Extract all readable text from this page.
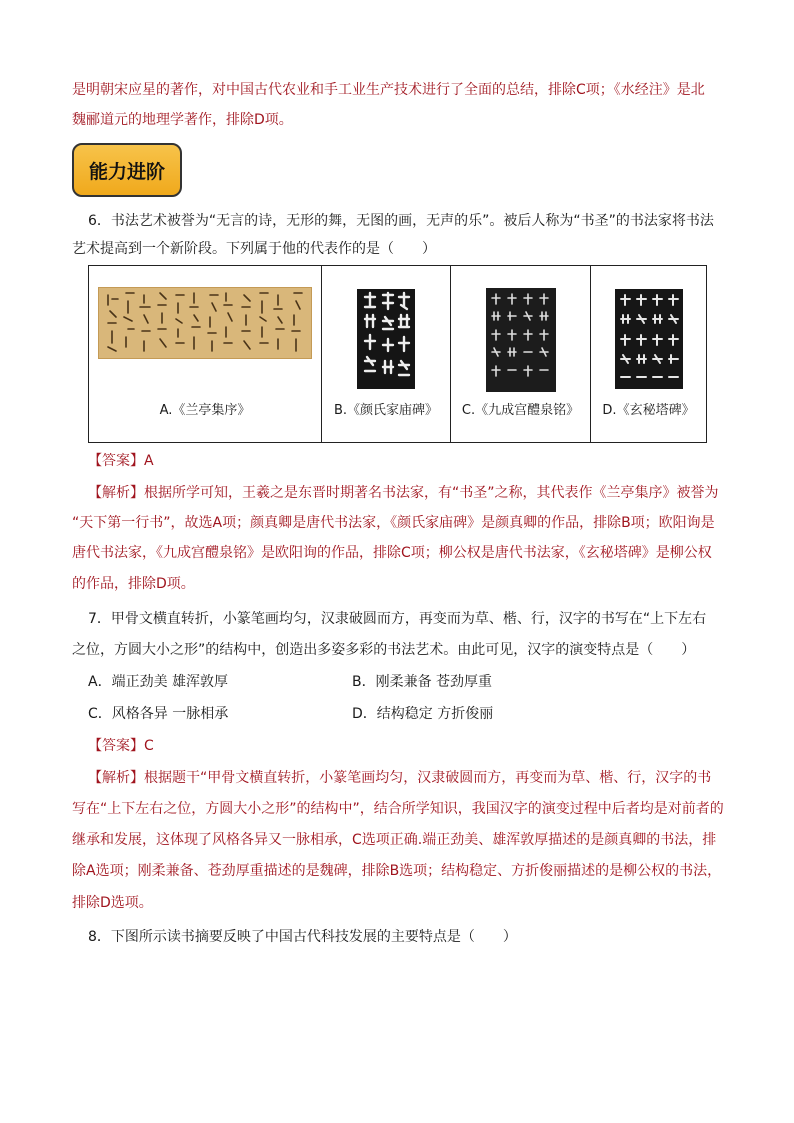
是明朝宋应星的著作，对中国古代农业和手工业生产技术进行了全面的总结，排除C项；《水经注》是北
魏郦道元的地理学著作，排除D项。
能力进阶
6．书法艺术被誉为“无言的诗，无形的舞，无图的画，无声的乐”。被后人称为“书圣”的书法家将书法
艺术提高到一个新阶段。下列属于他的代表作的是（　　）
A.《兰亭集序》	B.《颜氏家庙碑》	C.《九成宫醴泉铭》	D.《玄秘塔碑》
【答案】A
【解析】根据所学可知，王羲之是东晋时期著名书法家，有“书圣”之称，其代表作《兰亭集序》被誉为
“天下第一行书”，故选A项；颜真卿是唐代书法家，《颜氏家庙碑》是颜真卿的作品，排除B项；欧阳询是
唐代书法家，《九成宫醴泉铭》是欧阳询的作品，排除C项；柳公权是唐代书法家，《玄秘塔碑》是柳公权
的作品，排除D项。
7．甲骨文横直转折，小篆笔画均匀，汉隶破圆而方，再变而为草、楷、行，汉字的书写在“上下左右
之位，方圆大小之形”的结构中，创造出多姿多彩的书法艺术。由此可见，汉字的演变特点是（　　）
A．端正劲美 雄浑敦厚	B．刚柔兼备 苍劲厚重
C．风格各异 一脉相承	D．结构稳定 方折俊丽
【答案】C
【解析】根据题干“甲骨文横直转折，小篆笔画均匀，汉隶破圆而方，再变而为草、楷、行，汉字的书
写在“上下左右之位，方圆大小之形”的结构中”，结合所学知识，我国汉字的演变过程中后者均是对前者的
继承和发展，这体现了风格各异又一脉相承，C选项正确.端正劲美、雄浑敦厚描述的是颜真卿的书法，排
除A选项；刚柔兼备、苍劲厚重描述的是魏碑，排除B选项；结构稳定、方折俊丽描述的是柳公权的书法，
排除D选项。
8．下图所示读书摘要反映了中国古代科技发展的主要特点是（　　）
